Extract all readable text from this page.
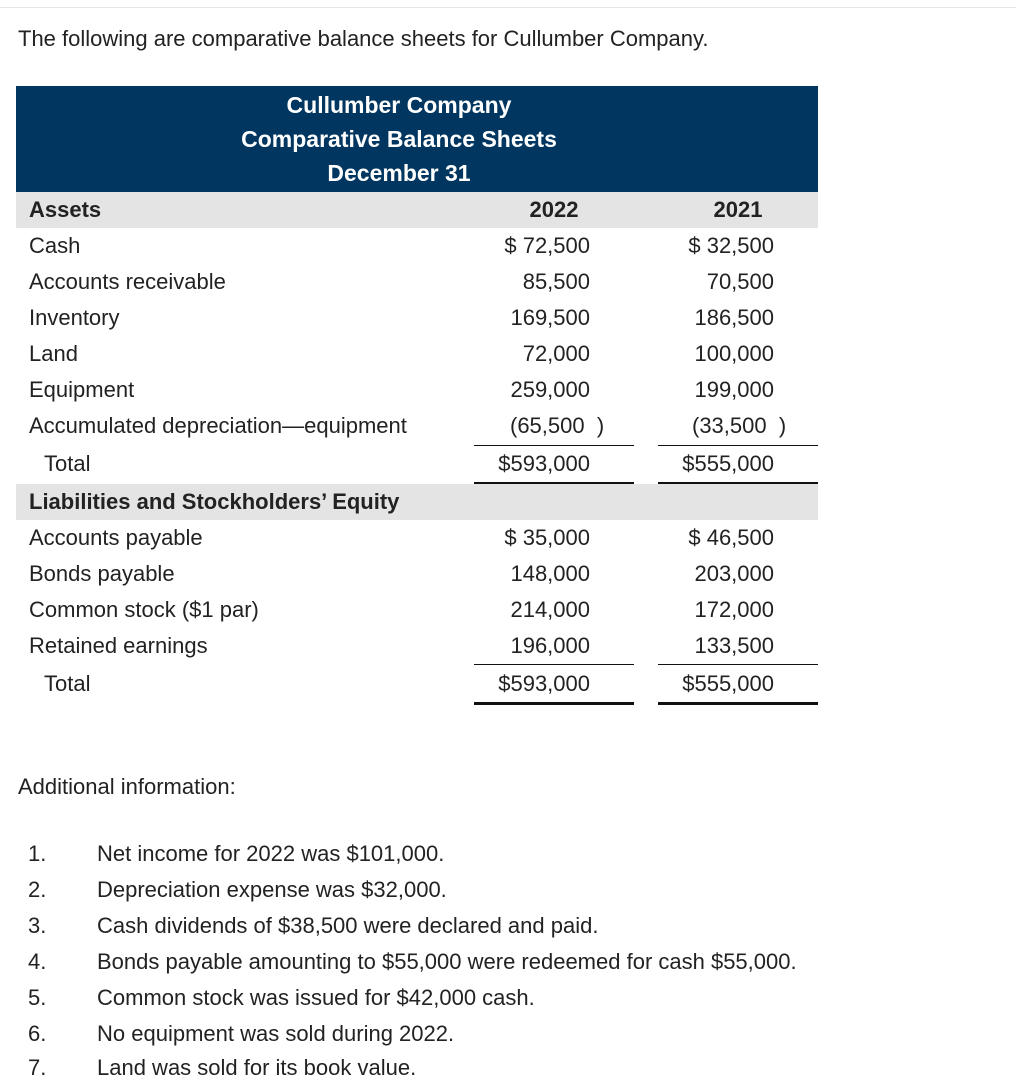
The following are comparative balance sheets for Cullumber Company.
Cullumber Company
Comparative Balance Sheets
December 31
Assets	2022	2021
Cash	$ 72,500	$ 32,500
Accounts receivable	85,500	70,500
Inventory	169,500	186,500
Land	72,000	100,000
Equipment	259,000	199,000
Accumulated depreciation—equipment	(65,500  )	(33,500  )
Total	$593,000	$555,000
Liabilities and Stockholders’ Equity
Accounts payable	$ 35,000	$ 46,500
Bonds payable	148,000	203,000
Common stock ($1 par)	214,000	172,000
Retained earnings	196,000	133,500
Total	$593,000	$555,000
Additional information:
1. Net income for 2022 was $101,000.
2. Depreciation expense was $32,000.
3. Cash dividends of $38,500 were declared and paid.
4. Bonds payable amounting to $55,000 were redeemed for cash $55,000.
5. Common stock was issued for $42,000 cash.
6. No equipment was sold during 2022.
7. Land was sold for its book value.
